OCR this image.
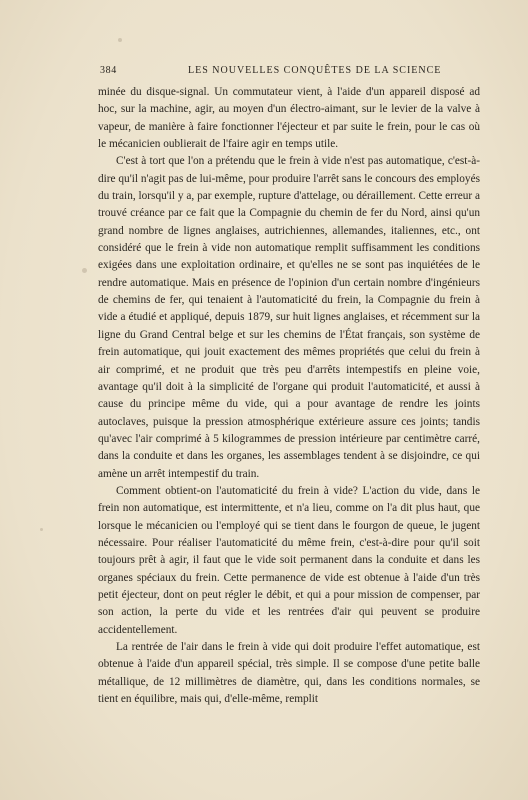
384	LES NOUVELLES CONQUÊTES DE LA SCIENCE

minée du disque-signal. Un commutateur vient, à l'aide d'un appareil disposé ad hoc, sur la machine, agir, au moyen d'un électro-aimant, sur le levier de la valve à vapeur, de manière à faire fonctionner l'éjecteur et par suite le frein, pour le cas où le mécanicien oublierait de l'faire agir en temps utile.

C'est à tort que l'on a prétendu que le frein à vide n'est pas automatique, c'est-à-dire qu'il n'agit pas de lui-même, pour produire l'arrêt sans le concours des employés du train, lorsqu'il y a, par exemple, rupture d'attelage, ou déraillement. Cette erreur a trouvé créance par ce fait que la Compagnie du chemin de fer du Nord, ainsi qu'un grand nombre de lignes anglaises, autrichiennes, allemandes, italiennes, etc., ont considéré que le frein à vide non automatique remplit suffisamment les conditions exigées dans une exploitation ordinaire, et qu'elles ne se sont pas inquiétées de le rendre automatique. Mais en présence de l'opinion d'un certain nombre d'ingénieurs de chemins de fer, qui tenaient à l'automaticité du frein, la Compagnie du frein à vide a étudié et appliqué, depuis 1879, sur huit lignes anglaises, et récemment sur la ligne du Grand Central belge et sur les chemins de l'État français, son système de frein automatique, qui jouit exactement des mêmes propriétés que celui du frein à air comprimé, et ne produit que très peu d'arrêts intempestifs en pleine voie, avantage qu'il doit à la simplicité de l'organe qui produit l'automaticité, et aussi à cause du principe même du vide, qui a pour avantage de rendre les joints autoclaves, puisque la pression atmosphérique extérieure assure ces joints; tandis qu'avec l'air comprimé à 5 kilogrammes de pression intérieure par centimètre carré, dans la conduite et dans les organes, les assemblages tendent à se disjoindre, ce qui amène un arrêt intempestif du train.

Comment obtient-on l'automaticité du frein à vide? L'action du vide, dans le frein non automatique, est intermittente, et n'a lieu, comme on l'a dit plus haut, que lorsque le mécanicien ou l'employé qui se tient dans le fourgon de queue, le jugent nécessaire. Pour réaliser l'automaticité du même frein, c'est-à-dire pour qu'il soit toujours prêt à agir, il faut que le vide soit permanent dans la conduite et dans les organes spéciaux du frein. Cette permanence de vide est obtenue à l'aide d'un très petit éjecteur, dont on peut régler le débit, et qui a pour mission de compenser, par son action, la perte du vide et les rentrées d'air qui peuvent se produire accidentellement.

La rentrée de l'air dans le frein à vide qui doit produire l'effet automatique, est obtenue à l'aide d'un appareil spécial, très simple. Il se compose d'une petite balle métallique, de 12 millimètres de diamètre, qui, dans les conditions normales, se tient en équilibre, mais qui, d'elle-même, remplit
